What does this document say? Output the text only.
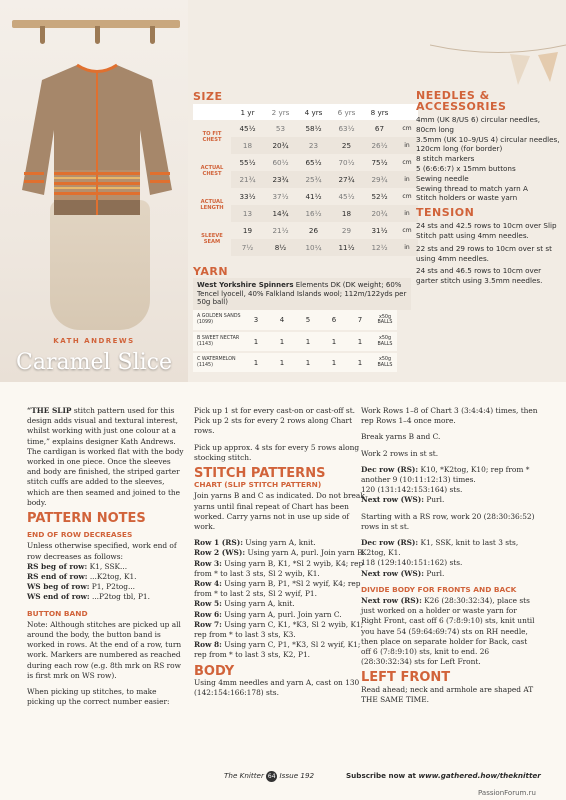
KATH ANDREWS
Caramel Slice
SIZE
	1 yr	2 yrs	4 yrs	6 yrs	8 yrs	
TO FIT CHEST	45½	53	58½	63½	67	cm
	18	20¾	23	25	26½	in
ACTUAL CHEST	55½	60½	65½	70½	75½	cm
	21¾	23¾	25¾	27¾	29¾	in
ACTUAL LENGTH	33½	37½	41½	45½	52½	cm
	13	14¾	16½	18	20¾	in
SLEEVE SEAM	19	21½	26	29	31½	cm
	7½	8½	10¼	11½	12½	in
YARN
West Yorkshire Spinners Elements DK (DK weight; 60% Tencel lyocell, 40% Falkland Islands wool; 112m/122yds per 50g ball)
A GOLDEN SANDS (1099)	3	4	5	6	7	x50g BALLS
B SWEET NECTAR (1143)	1	1	1	1	1	x50g BALLS
C WATERMELON (1145)	1	1	1	1	1	x50g BALLS
NEEDLES & ACCESSORIES

4mm (UK 8/US 6) circular needles, 80cm long
3.5mm (UK 10–9/US 4) circular needles, 120cm long (for border)
8 stitch markers
5 (6:6:6:7) x 15mm buttons
Sewing needle
Sewing thread to match yarn A
Stitch holders or waste yarn

TENSION

24 sts and 42.5 rows to 10cm over Slip Stitch patt using 4mm needles.

22 sts and 29 rows to 10cm over st st using 4mm needles.

24 sts and 46.5 rows to 10cm over garter stitch using 3.5mm needles.

“THE SLIP stitch pattern used for this design adds visual and textural interest, whilst working with just one colour at a time,” explains designer Kath Andrews. The cardigan is worked flat with the body worked in one piece. Once the sleeves and body are finished, the striped garter stitch cuffs are added to the sleeves, which are then seamed and joined to the body.

PATTERN NOTES
END OF ROW DECREASES
Unless otherwise specified, work end of row decreases as follows:
RS beg of row: K1, SSK...
RS end of row: ...K2tog, K1.
WS beg of row: P1, P2tog...
WS end of row: ...P2tog tbl, P1.
BUTTON BAND

Note: Although stitches are picked up all around the body, the button band is worked in rows. At the end of a row, turn work. Markers are numbered as reached during each row (e.g. 8th mrk on RS row is first mrk on WS row).

When picking up stitches, to make picking up the correct number easier:

Pick up 1 st for every cast-on or cast-off st. Pick up 2 sts for every 2 rows along Chart rows.

Pick up approx. 4 sts for every 5 rows along stocking stitch.

STITCH PATTERNS
CHART (SLIP STITCH PATTERN)

Join yarns B and C as indicated. Do not break yarns until final repeat of Chart has been worked. Carry yarns not in use up side of work.

Row 1 (RS): Using yarn A, knit.
Row 2 (WS): Using yarn A, purl. Join yarn B.
Row 3: Using yarn B, K1, *Sl 2 wyib, K4; rep from * to last 3 sts, Sl 2 wyib, K1.
Row 4: Using yarn B, P1, *Sl 2 wyif, K4; rep from * to last 2 sts, Sl 2 wyif, P1.
Row 5: Using yarn A, knit.
Row 6: Using yarn A, purl. Join yarn C.
Row 7: Using yarn C, K1, *K3, Sl 2 wyib, K1; rep from * to last 3 sts, K3.
Row 8: Using yarn C, P1, *K3, Sl 2 wyif, K1; rep from * to last 3 sts, K2, P1.
BODY

Using 4mm needles and yarn A, cast on 130 (142:154:166:178) sts.

Work Rows 1–8 of Chart 3 (3:4:4:4) times, then rep Rows 1–4 once more.

Break yarns B and C.

Work 2 rows in st st.

Dec row (RS): K10, *K2tog, K10; rep from * another 9 (10:11:12:13) times.
120 (131:142:153:164) sts.
Next row (WS): Purl.

Starting with a RS row, work 20 (28:30:36:52) rows in st st.

Dec row (RS): K1, SSK, knit to last 3 sts, K2tog, K1.
118 (129:140:151:162) sts.
Next row (WS): Purl.

DIVIDE BODY FOR FRONTS AND BACK

Next row (RS): K26 (28:30:32:34), place sts just worked on a holder or waste yarn for Right Front, cast off 6 (7:8:9:10) sts, knit until you have 54 (59:64:69:74) sts on RH needle, then place on separate holder for Back, cast off 6 (7:8:9:10) sts, knit to end. 26 (28:30:32:34) sts for Left Front.

LEFT FRONT

Read ahead; neck and armhole are shaped AT THE SAME TIME.

The Knitter 64 Issue 192	Subscribe now at www.gathered.how/theknitter
PassionForum.ru
